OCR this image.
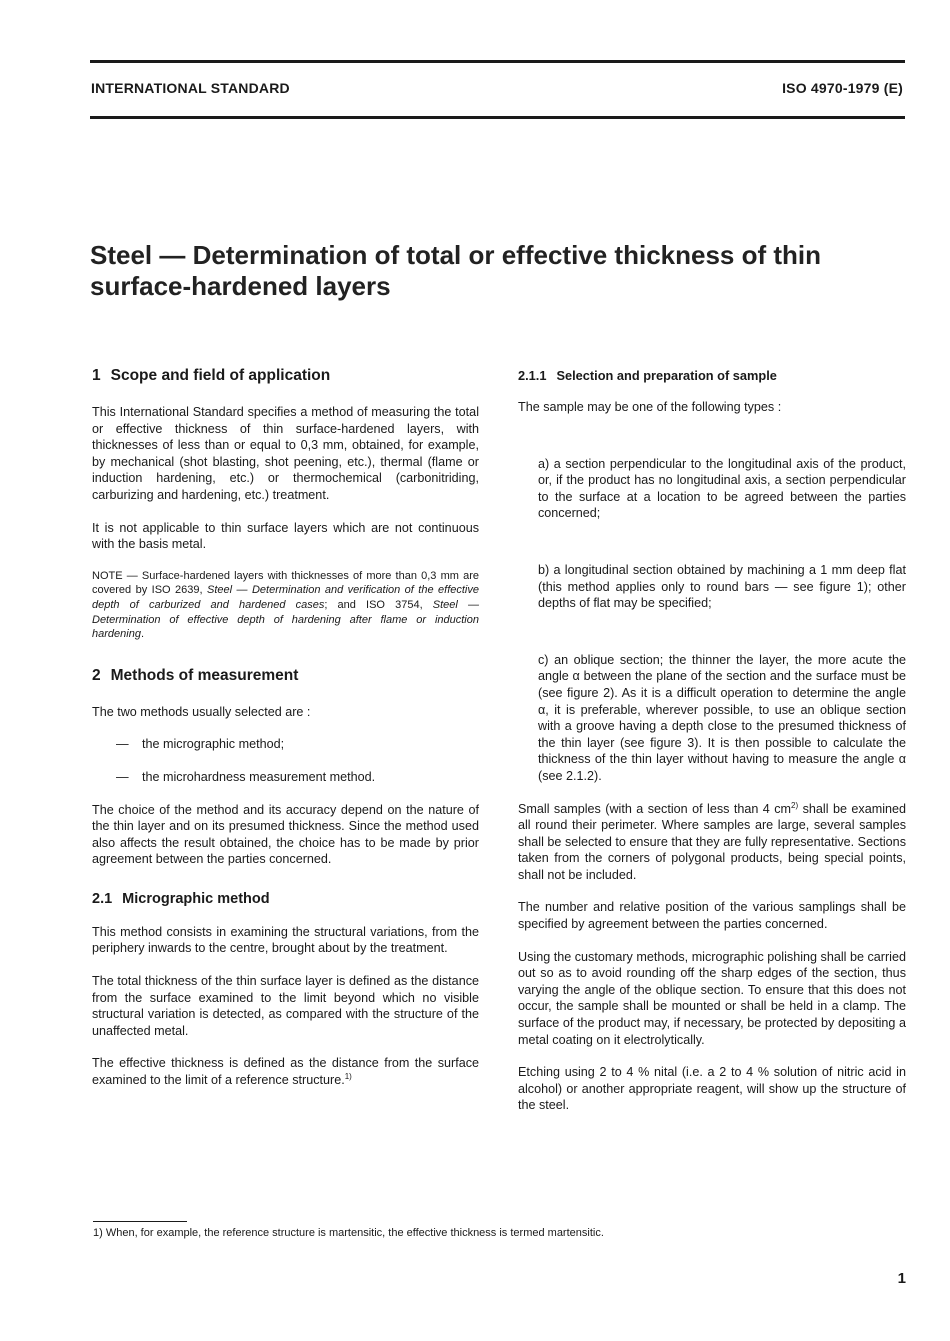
INTERNATIONAL STANDARD	ISO 4970-1979 (E)
Steel — Determination of total or effective thickness of thin surface-hardened layers
1 Scope and field of application

This International Standard specifies a method of measuring the total or effective thickness of thin surface-hardened layers, with thicknesses of less than or equal to 0,3 mm, obtained, for example, by mechanical (shot blasting, shot peening, etc.), thermal (flame or induction hardening, etc.) or thermochemical (carbonitriding, carburizing and hardening, etc.) treatment.

It is not applicable to thin surface layers which are not continuous with the basis metal.

NOTE — Surface-hardened layers with thicknesses of more than 0,3 mm are covered by ISO 2639, Steel — Determination and verification of the effective depth of carburized and hardened cases; and ISO 3754, Steel — Determination of effective depth of hardening after flame or induction hardening.

2 Methods of measurement

The two methods usually selected are :

— the micrographic method;
— the microhardness measurement method.

The choice of the method and its accuracy depend on the nature of the thin layer and on its presumed thickness. Since the method used also affects the result obtained, the choice has to be made by prior agreement between the parties concerned.

2.1 Micrographic method

This method consists in examining the structural variations, from the periphery inwards to the centre, brought about by the treatment.

The total thickness of the thin surface layer is defined as the distance from the surface examined to the limit beyond which no visible structural variation is detected, as compared with the structure of the unaffected metal.

The effective thickness is defined as the distance from the surface examined to the limit of a reference structure.$^{1)}$

2.1.1 Selection and preparation of sample

The sample may be one of the following types :

a) a section perpendicular to the longitudinal axis of the product, or, if the product has no longitudinal axis, a section perpendicular to the surface at a location to be agreed between the parties concerned;

b) a longitudinal section obtained by machining a 1 mm deep flat (this method applies only to round bars — see figure 1); other depths of flat may be specified;

c) an oblique section; the thinner the layer, the more acute the angle α between the plane of the section and the surface must be (see figure 2). As it is a difficult operation to determine the angle α, it is preferable, wherever possible, to use an oblique section with a groove having a depth close to the presumed thickness of the thin layer (see figure 3). It is then possible to calculate the thickness of the thin layer without having to measure the angle α (see 2.1.2).

Small samples (with a section of less than 4 $cm^{2)}$ shall be examined all round their perimeter. Where samples are large, several samples shall be selected to ensure that they are fully representative. Sections taken from the corners of polygonal products, being special points, shall not be included.

The number and relative position of the various samplings shall be specified by agreement between the parties concerned.

Using the customary methods, micrographic polishing shall be carried out so as to avoid rounding off the sharp edges of the section, thus varying the angle of the oblique section. To ensure that this does not occur, the sample shall be mounted or shall be held in a clamp. The surface of the product may, if necessary, be protected by depositing a metal coating on it electrolytically.

Etching using 2 to 4 % nital (i.e. a 2 to 4 % solution of nitric acid in alcohol) or another appropriate reagent, will show up the structure of the steel.

1) When, for example, the reference structure is martensitic, the effective thickness is termed martensitic.

1
